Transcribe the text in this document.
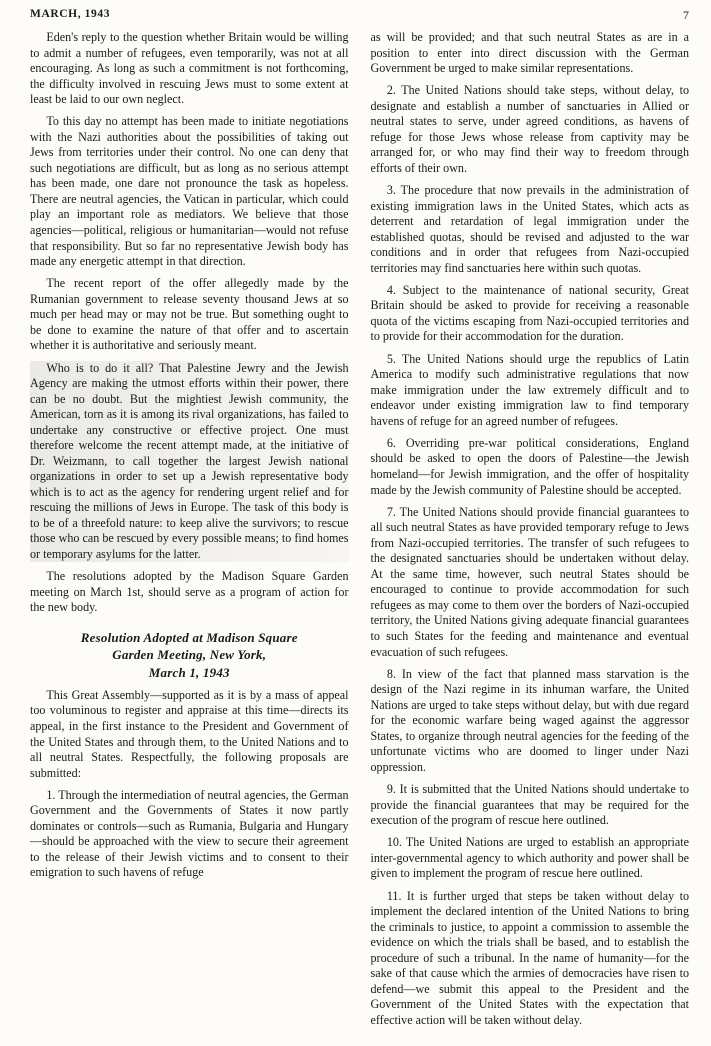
MARCH, 1943	7

Eden's reply to the question whether Britain would be willing to admit a number of refugees, even temporarily, was not at all encouraging. As long as such a commitment is not forthcoming, the difficulty involved in rescuing Jews must to some extent at least be laid to our own neglect.

To this day no attempt has been made to initiate negotiations with the Nazi authorities about the possibilities of taking out Jews from territories under their control. No one can deny that such negotiations are difficult, but as long as no serious attempt has been made, one dare not pronounce the task as hopeless. There are neutral agencies, the Vatican in particular, which could play an important role as mediators. We believe that those agencies—political, religious or humanitarian—would not refuse that responsibility. But so far no representative Jewish body has made any energetic attempt in that direction.

The recent report of the offer allegedly made by the Rumanian government to release seventy thousand Jews at so much per head may or may not be true. But something ought to be done to examine the nature of that offer and to ascertain whether it is authoritative and seriously meant.

Who is to do it all? That Palestine Jewry and the Jewish Agency are making the utmost efforts within their power, there can be no doubt. But the mightiest Jewish community, the American, torn as it is among its rival organizations, has failed to undertake any constructive or effective project. One must therefore welcome the recent attempt made, at the initiative of Dr. Weizmann, to call together the largest Jewish national organizations in order to set up a Jewish representative body which is to act as the agency for rendering urgent relief and for rescuing the millions of Jews in Europe. The task of this body is to be of a threefold nature: to keep alive the survivors; to rescue those who can be rescued by every possible means; to find homes or temporary asylums for the latter.

The resolutions adopted by the Madison Square Garden meeting on March 1st, should serve as a program of action for the new body.

Resolution Adopted at Madison Square
Garden Meeting, New York,
March 1, 1943

This Great Assembly—supported as it is by a mass of appeal too voluminous to register and appraise at this time—directs its appeal, in the first instance to the President and Government of the United States and through them, to the United Nations and to all neutral States. Respectfully, the following proposals are submitted:

1. Through the intermediation of neutral agencies, the German Government and the Governments of States it now partly dominates or controls—such as Rumania, Bulgaria and Hungary—should be approached with the view to secure their agreement to the release of their Jewish victims and to consent to their emigration to such havens of refuge

as will be provided; and that such neutral States as are in a position to enter into direct discussion with the German Government be urged to make similar representations.

2. The United Nations should take steps, without delay, to designate and establish a number of sanctuaries in Allied or neutral states to serve, under agreed conditions, as havens of refuge for those Jews whose release from captivity may be arranged for, or who may find their way to freedom through efforts of their own.

3. The procedure that now prevails in the administration of existing immigration laws in the United States, which acts as deterrent and retardation of legal immigration under the established quotas, should be revised and adjusted to the war conditions and in order that refugees from Nazi-occupied territories may find sanctuaries here within such quotas.

4. Subject to the maintenance of national security, Great Britain should be asked to provide for receiving a reasonable quota of the victims escaping from Nazi-occupied territories and to provide for their accommodation for the duration.

5. The United Nations should urge the republics of Latin America to modify such administrative regulations that now make immigration under the law extremely difficult and to endeavor under existing immigration law to find temporary havens of refuge for an agreed number of refugees.

6. Overriding pre-war political considerations, England should be asked to open the doors of Palestine—the Jewish homeland—for Jewish immigration, and the offer of hospitality made by the Jewish community of Palestine should be accepted.

7. The United Nations should provide financial guarantees to all such neutral States as have provided temporary refuge to Jews from Nazi-occupied territories. The transfer of such refugees to the designated sanctuaries should be undertaken without delay. At the same time, however, such neutral States should be encouraged to continue to provide accommodation for such refugees as may come to them over the borders of Nazi-occupied territory, the United Nations giving adequate financial guarantees to such States for the feeding and maintenance and eventual evacuation of such refugees.

8. In view of the fact that planned mass starvation is the design of the Nazi regime in its inhuman warfare, the United Nations are urged to take steps without delay, but with due regard for the economic warfare being waged against the aggressor States, to organize through neutral agencies for the feeding of the unfortunate victims who are doomed to linger under Nazi oppression.

9. It is submitted that the United Nations should undertake to provide the financial guarantees that may be required for the execution of the program of rescue here outlined.

10. The United Nations are urged to establish an appropriate inter-governmental agency to which authority and power shall be given to implement the program of rescue here outlined.

11. It is further urged that steps be taken without delay to implement the declared intention of the United Nations to bring the criminals to justice, to appoint a commission to assemble the evidence on which the trials shall be based, and to establish the procedure of such a tribunal. In the name of humanity—for the sake of that cause which the armies of democracies have risen to defend—we submit this appeal to the President and the Government of the United States with the expectation that effective action will be taken without delay.
